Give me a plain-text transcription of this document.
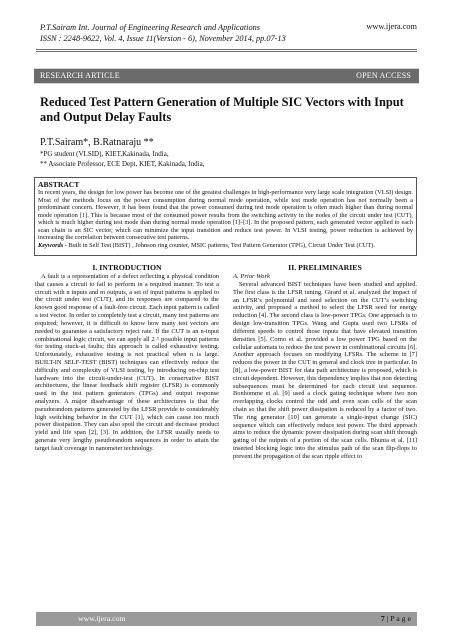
P.T.Sairam Int. Journal of Engineering Research and Applications
ISSN : 2248-9622, Vol. 4, Issue 11(Version - 6), November 2014, pp.07-13
www.ijera.com
RESEARCH ARTICLE	OPEN ACCESS
Reduced Test Pattern Generation of Multiple SIC Vectors with Input and Output Delay Faults
P.T.Sairam*, B.Ratnaraju **
*PG student (VLSID), KIET,Kakinada, India,
** Associate Professor, ECE Dept, KIET, Kakinada, India,
ABSTRACT
In recent years, the design for low power has become one of the greatest challenges in high-performance very large scale integration (VLSI) design. Most of the methods focus on the power consumption during normal mode operation, while test mode operation has not normally been a predominant concern. However, it has been found that the power consumed during test mode operation is often much higher than during normal mode operation [1]. This is because most of the consumed power results from the switching activity in the nodes of the circuit under test (CUT), which is much higher during test mode than during normal mode operation [1]–[3]. In the proposed pattern, each generated vector applied to each scan chain is an SIC vector, which can minimize the input transition and reduce test power. In VLSI testing, power reduction is achieved by increasing the correlation between consecutive test patterns.
Keywords - Built in Self Test (BIST) , Johnson ring counter, MSIC patterns, Test Pattern Generator (TPG), Circuit Under Test (CUT).
I. INTRODUCTION

A fault is a representation of a defect reflecting a physical condition that causes a circuit to fail to perform in a required manner. To test a circuit with n inputs and m outputs, a set of input patterns is applied to the circuit under test (CUT), and its responses are compared to the known good response of a fault-free circuit. Each input pattern is called a test vector. In order to completely test a circuit, many test patterns are required; however, it is difficult to know how many test vectors are needed to guarantee a satisfactory reject rate. If the CUT is an n-input combinational logic circuit, we can apply all 2 ^ possible input patterns for testing stuck-at faults; this approach is called exhaustive testing. Unfortunately, exhaustive testing is not practical when n is large. BUILT-IN SELF-TEST (BIST) techniques can effectively reduce the difficulty and complexity of VLSI testing, by introducing on-chip test hardware into the circuit-under-test (CUT). In conservative BIST architectures, the linear feedback shift register (LFSR) is commonly used in the test pattern generators (TPGs) and output response analyzers. A major disadvantage of these architectures is that the pseudorandom patterns generated by the LFSR provide to considerably high switching behavior in the CUT [1], which can cause too much power dissipation. They can also spoil the circuit and decrease product yield and life span [2], [3]. In addition, the LFSR usually needs to generate very lengthy pseudorandom sequences in order to attain the target fault coverage in nanometer technology.

II. PRELIMINARIES
A. Prior Work

Several advanced BIST techniques have been studied and applied. The first class is the LFSR tuning. Girard et al. analyzed the impact of an LFSR’s polynomial and seed selection on the CUT’s switching activity, and proposed a method to select the LFSR seed for energy reduction [4]. The second class is low-power TPGs. One approach is to design low-transition TPGs. Wang and Gupta used two LFSRs of different speeds to control those inputs that have elevated transition densities [5]. Corno et al. provided a low power TPG based on the cellular automata to reduce the test power in combinational circuits [6]. Another approach focuses on modifying LFSRs. The scheme in [7] reduces the power in the CUT in general and clock tree in particular. In [8], a low-power BIST for data path architecture is proposed, which is circuit dependent. However, this dependency implies that non detecting subsequences must be determined for each circuit test sequence. Bonhomme et al. [9] used a clock gating technique where two non overlapping clocks control the odd and even scan cells of the scan chain so that the shift power dissipation is reduced by a factor of two. The ring generator [10] can generate a single-input change (SIC) sequence which can effectively reduce test power. The third approach aims to reduce the dynamic power dissipation during scan shift through gating of the outputs of a portion of the scan cells. Bhunia et al. [11] inserted blocking logic into the stimulus path of the scan flip-flops to prevent the propagation of the scan ripple effect to

www.ijera.com	7 | P a g e
